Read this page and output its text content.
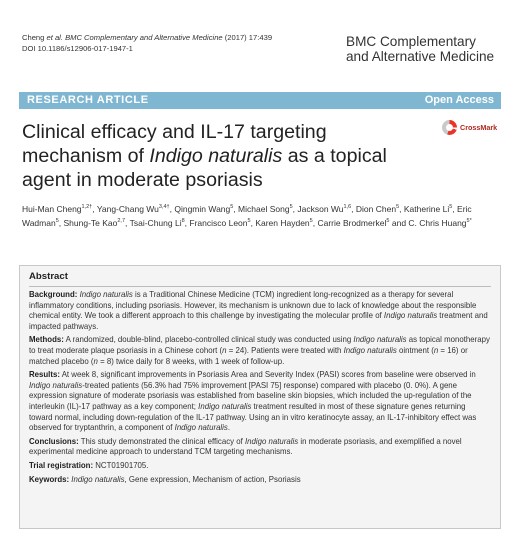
Cheng et al. BMC Complementary and Alternative Medicine (2017) 17:439
DOI 10.1186/s12906-017-1947-1	BMC Complementary and Alternative Medicine
RESEARCH ARTICLE	Open Access
Clinical efficacy and IL-17 targeting mechanism of Indigo naturalis as a topical agent in moderate psoriasis
CrossMark
Hui-Man Cheng$^{1,2\dagger}$, Yang-Chang $Wu^{3,4\dagger}$, Qingmin Wang$^5$, Michael Song$^5$, Jackson Wu$^{1,6}$, Dion Chen$^5$, Katherine Li$^5$, Eric Wadman$^5$, Shung-Te Kao$^{2,7}$, Tsai-Chung Li$^8$, Francisco Leon$^5$, Karen Hayden$^5$, Carrie Brodmerkel$^5$ and C. Chris Huang$^{5*}$
Abstract

Background: Indigo naturalis is a Traditional Chinese Medicine (TCM) ingredient long-recognized as a therapy for several inflammatory conditions, including psoriasis. However, its mechanism is unknown due to lack of knowledge about the responsible chemical entity. We took a different approach to this challenge by investigating the molecular profile of Indigo naturalis treatment and impacted pathways.

Methods: A randomized, double-blind, placebo-controlled clinical study was conducted using Indigo naturalis as topical monotherapy to treat moderate plaque psoriasis in a Chinese cohort (n = 24). Patients were treated with Indigo naturalis ointment (n = 16) or matched placebo (n = 8) twice daily for 8 weeks, with 1 week of follow-up.

Results: At week 8, significant improvements in Psoriasis Area and Severity Index (PASI) scores from baseline were observed in Indigo naturalis-treated patients (56.3% had 75% improvement [PASI 75] response) compared with placebo (0. 0%). A gene expression signature of moderate psoriasis was established from baseline skin biopsies, which included the up-regulation of the interleukin (IL)-17 pathway as a key component; Indigo naturalis treatment resulted in most of these signature genes returning toward normal, including down-regulation of the IL-17 pathway. Using an in vitro keratinocyte assay, an IL-17-inhibitory effect was observed for tryptanthrin, a component of Indigo naturalis.

Conclusions: This study demonstrated the clinical efficacy of Indigo naturalis in moderate psoriasis, and exemplified a novel experimental medicine approach to understand TCM targeting mechanisms.

Trial registration: NCT01901705.

Keywords: Indigo naturalis, Gene expression, Mechanism of action, Psoriasis
